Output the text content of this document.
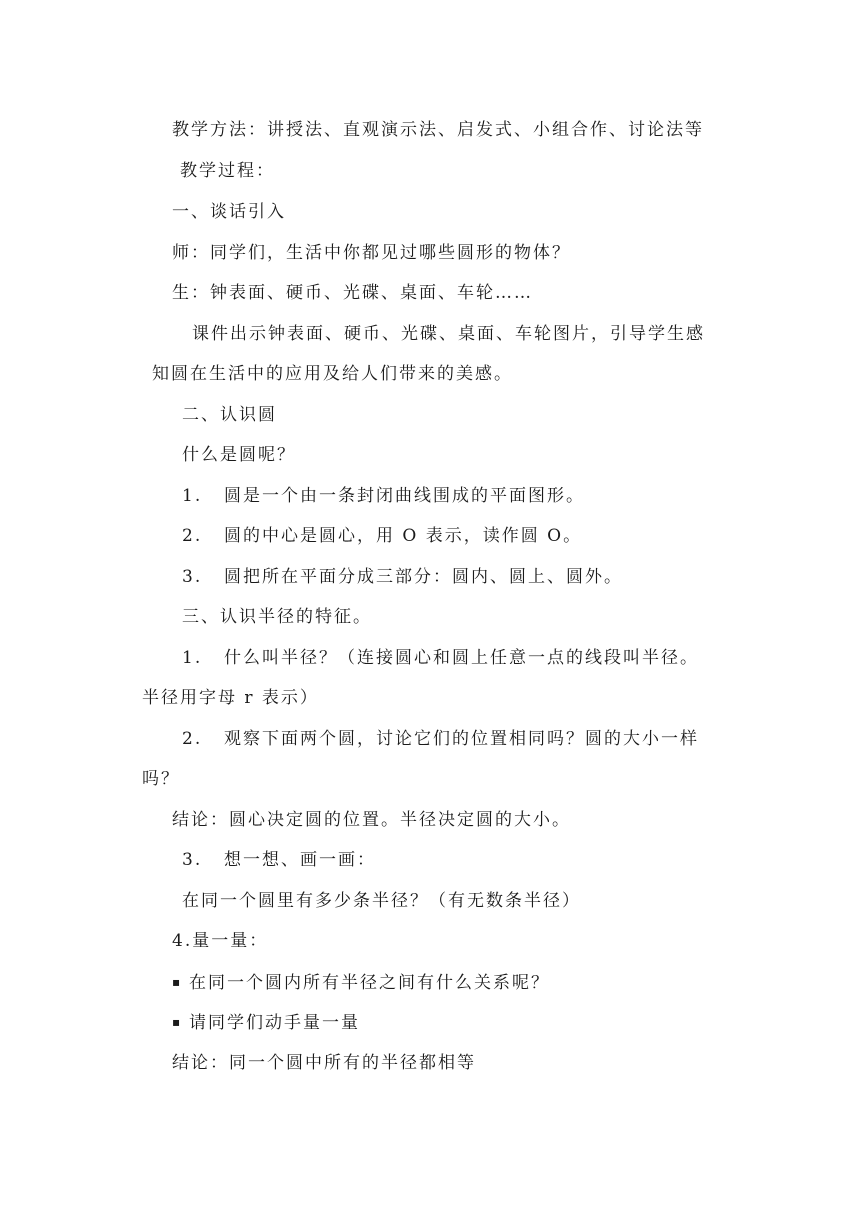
教学方法：讲授法、直观演示法、启发式、小组合作、讨论法等
教学过程：
一、谈话引入
师：同学们，生活中你都见过哪些圆形的物体？
生：钟表面、硬币、光碟、桌面、车轮……
课件出示钟表面、硬币、光碟、桌面、车轮图片，引导学生感
知圆在生活中的应用及给人们带来的美感。
二、认识圆
什么是圆呢？
1. 圆是一个由一条封闭曲线围成的平面图形。
2. 圆的中心是圆心，用 O 表示，读作圆 O。
3. 圆把所在平面分成三部分：圆内、圆上、圆外。
三、认识半径的特征。
1. 什么叫半径？（连接圆心和圆上任意一点的线段叫半径。
半径用字母 r 表示）
2. 观察下面两个圆，讨论它们的位置相同吗？圆的大小一样
吗？
结论：圆心决定圆的位置。半径决定圆的大小。
3. 想一想、画一画：
在同一个圆里有多少条半径？（有无数条半径）
4.量一量：
▪ 在同一个圆内所有半径之间有什么关系呢？
▪ 请同学们动手量一量
结论：同一个圆中所有的半径都相等
